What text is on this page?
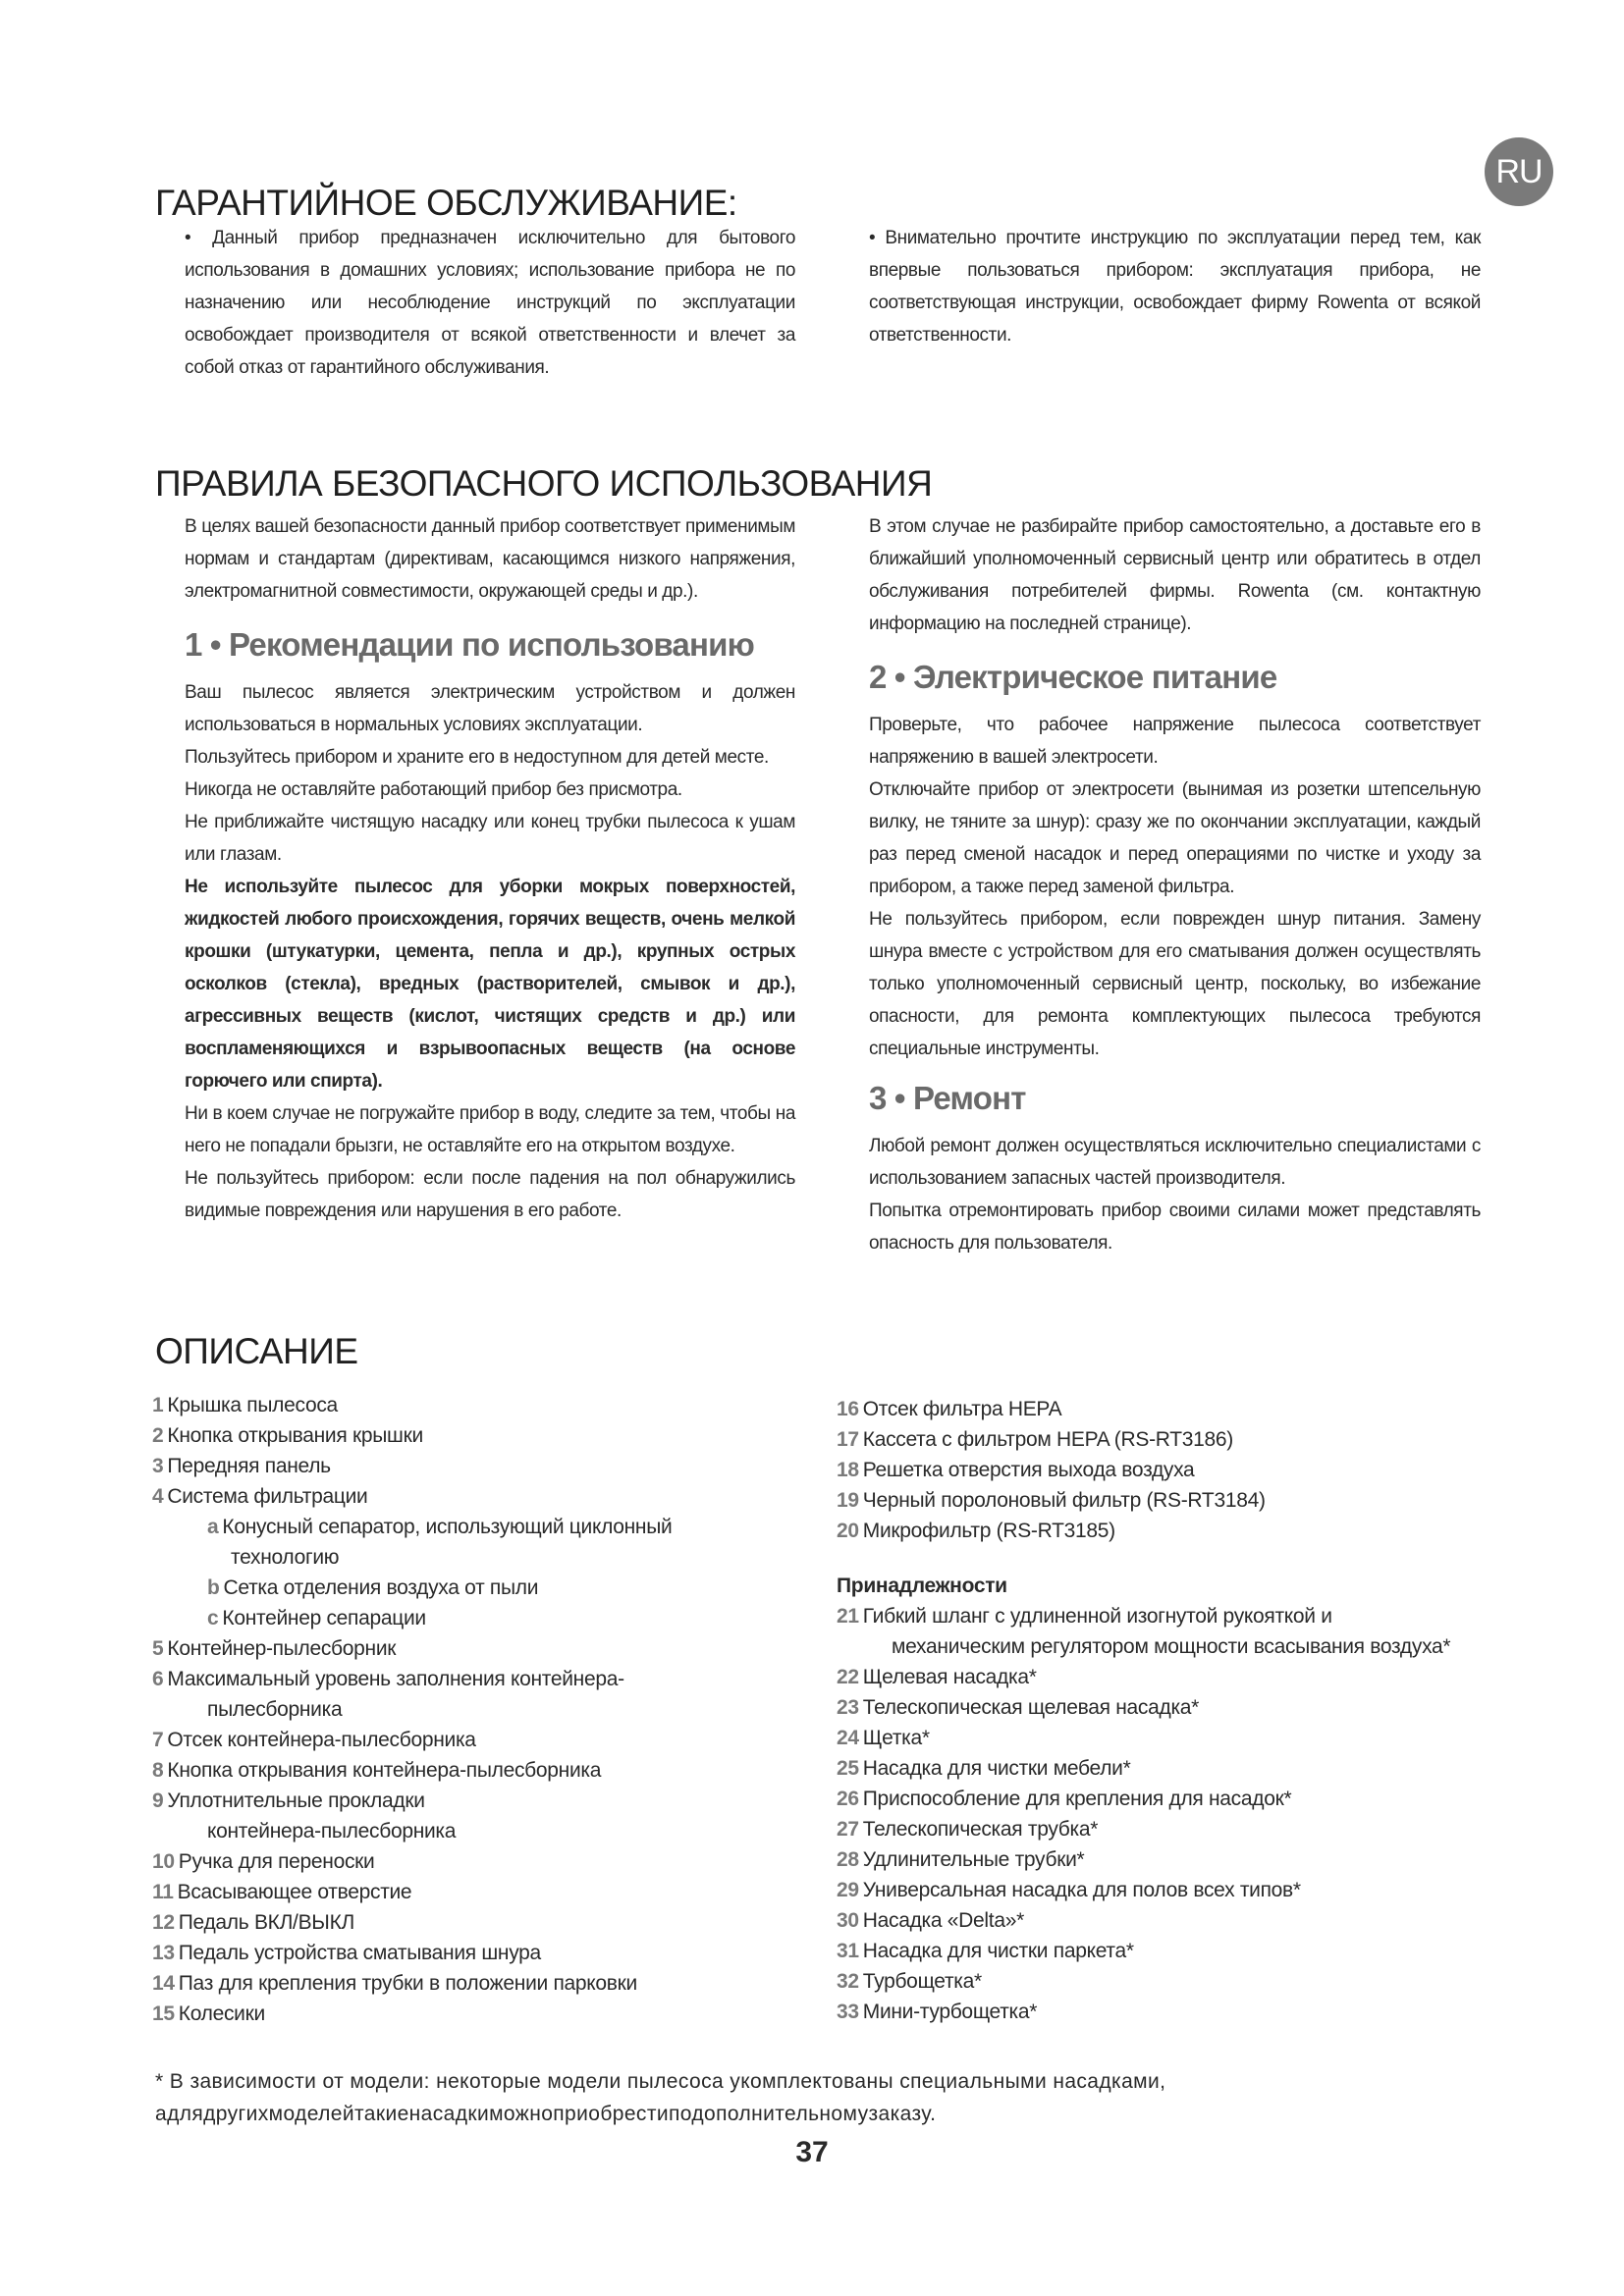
RU
ГАРАНТИЙНОЕ ОБСЛУЖИВАНИЕ:

• Данный прибор предназначен исключительно для бытового использования в домашних условиях; использование прибора не по назначению или несоблюдение инструкций по эксплуатации освобождает производителя от всякой ответственности и влечет за собой отказ от гарантийного обслуживания.

• Внимательно прочтите инструкцию по эксплуатации перед тем, как впервые пользоваться прибором: эксплуатация прибора, не соответствующая инструкции, освобождает фирму Rowenta от всякой ответственности.

ПРАВИЛА БЕЗОПАСНОГО ИСПОЛЬЗОВАНИЯ

В целях вашей безопасности данный прибор соответствует применимым нормам и стандартам (директивам, касающимся низкого напряжения, электромагнитной совместимости, окружающей среды и др.).

1 • Рекомендации по использованию

Ваш пылесос является электрическим устройством и должен использоваться в нормальных условиях эксплуатации.

Пользуйтесь прибором и храните его в недоступном для детей месте.

Никогда не оставляйте работающий прибор без присмотра.

Не приближайте чистящую насадку или конец трубки пылесоса к ушам или глазам.

Не используйте пылесос для уборки мокрых поверхностей, жидкостей любого происхождения, горячих веществ, очень мелкой крошки (штукатурки, цемента, пепла и др.), крупных острых осколков (стекла), вредных (растворителей, смывок и др.), агрессивных веществ (кислот, чистящих средств и др.) или воспламеняющихся и взрывоопасных веществ (на основе горючего или спирта).

Ни в коем случае не погружайте прибор в воду, следите за тем, чтобы на него не попадали брызги, не оставляйте его на открытом воздухе.

Не пользуйтесь прибором: если после падения на пол обнаружились видимые повреждения или нарушения в его работе.

В этом случае не разбирайте прибор самостоятельно, а доставьте его в ближайший уполномоченный сервисный центр или обратитесь в отдел обслуживания потребителей фирмы. Rowenta (см. контактную информацию на последней странице).

2 • Электрическое питание

Проверьте, что рабочее напряжение пылесоса соответствует напряжению в вашей электросети.

Отключайте прибор от электросети (вынимая из розетки штепсельную вилку, не тяните за шнур): сразу же по окончании эксплуатации, каждый раз перед сменой насадок и перед операциями по чистке и уходу за прибором, а также перед заменой фильтра.

Не пользуйтесь прибором, если поврежден шнур питания. Замену шнура вместе с устройством для его сматывания должен осуществлять только уполномоченный сервисный центр, поскольку, во избежание опасности, для ремонта комплектующих пылесоса требуются специальные инструменты.

3 • Ремонт

Любой ремонт должен осуществляться исключительно специалистами с использованием запасных частей производителя.

Попытка отремонтировать прибор своими силами может представлять опасность для пользователя.

ОПИСАНИЕ
1 Крышка пылесоса
2 Кнопка открывания крышки
3 Передняя панель
4 Система фильтрации
a Конусный сепаратор, использующий циклонный
технологию
b Сетка отделения воздуха от пыли
c Контейнер сепарации
5 Контейнер-пылесборник
6 Максимальный уровень заполнения контейнера-
пылесборника
7 Отсек контейнера-пылесборника
8 Кнопка открывания контейнера-пылесборника
9 Уплотнительные прокладки
контейнера-пылесборника
10 Ручка для переноски
11 Всасывающее отверстие
12 Педаль ВКЛ/ВЫКЛ
13 Педаль устройства сматывания шнура
14 Паз для крепления трубки в положении парковки
15 Колесики
16 Отсек фильтра HEPA
17 Кассета с фильтром HEPA (RS-RT3186)
18 Решетка отверстия выхода воздуха
19 Черный поролоновый фильтр (RS-RT3184)
20 Микрофильтр (RS-RT3185)
Принадлежности
21 Гибкий шланг с удлиненной изогнутой рукояткой и
механическим регулятором мощности всасывания воздуха*
22 Щелевая насадка*
23 Телескопическая щелевая насадка*
24 Щетка*
25 Насадка для чистки мебели*
26 Приспособление для крепления для насадок*
27 Телескопическая трубка*
28 Удлинительные трубки*
29 Универсальная насадка для полов всех типов*
30 Насадка «Delta»*
31 Насадка для чистки паркета*
32 Турбощетка*
33 Мини-турбощетка*
* В зависимости от модели: некоторые модели пылесоса укомплектованы специальными насадками,
адлядругихмоделейтакиенасадкиможноприобрестиподополнительномузаказу.
37
